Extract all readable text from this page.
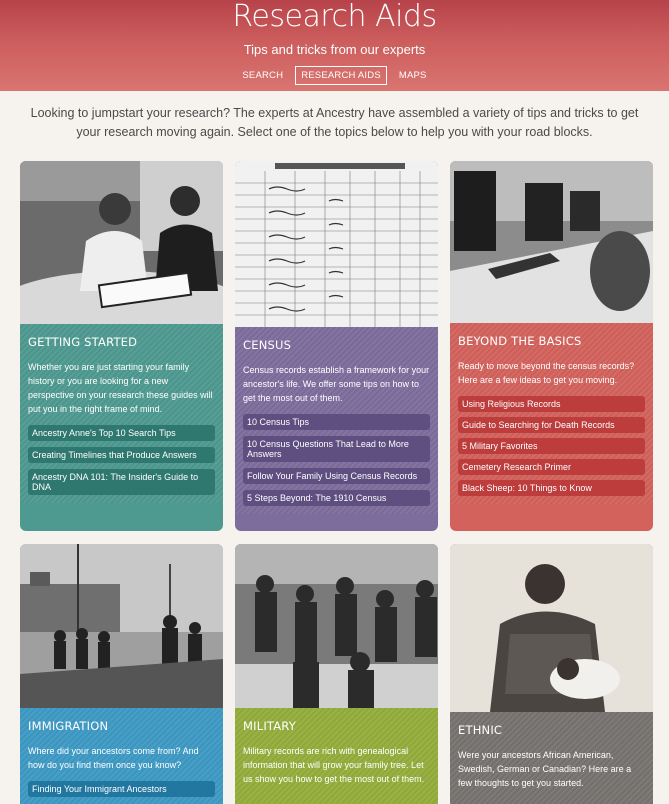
Research Aids
Tips and tricks from our experts
SEARCH	RESEARCH AIDS	MAPS

Looking to jumpstart your research? The experts at Ancestry have assembled a variety of tips and tricks to get your research moving again. Select one of the topics below to help you with your road blocks.

GETTING STARTED
Whether you are just starting your family history or you are looking for a new perspective on your research these guides will put you in the right frame of mind.
Ancestry Anne's Top 10 Search Tips
Creating Timelines that Produce Answers
Ancestry DNA 101: The Insider's Guide to DNA
CENSUS
Census records establish a framework for your ancestor's life. We offer some tips on how to get the most out of them.
10 Census Tips
10 Census Questions That Lead to More Answers
Follow Your Family Using Census Records
5 Steps Beyond: The 1910 Census
BEYOND THE BASICS
Ready to move beyond the census records? Here are a few ideas to get you moving.
Using Religious Records
Guide to Searching for Death Records
5 Military Favorites
Cemetery Research Primer
Black Sheep: 10 Things to Know
IMMIGRATION
Where did your ancestors come from? And how do you find them once you know?
Finding Your Immigrant Ancestors
MILITARY
Military records are rich with genealogical information that will grow your family tree. Let us show you how to get the most out of them.
ETHNIC
Were your ancestors African American, Swedish, German or Canadian? Here are a few thoughts to get you started.
